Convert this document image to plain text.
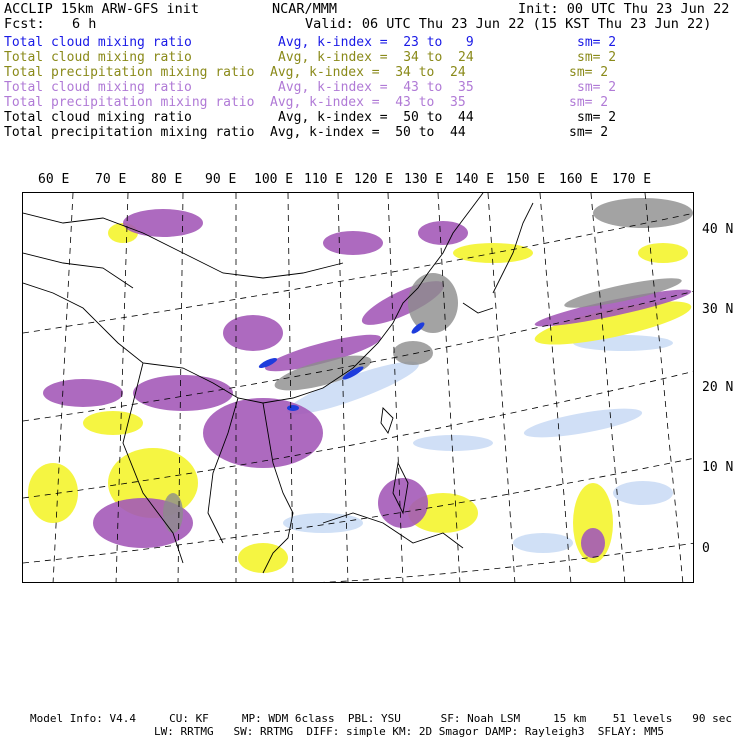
ACCLIP 15km ARW-GFS init	NCAR/MMM	Init: 00 UTC Thu 23 Jun 22
Fcst: 6 h	Valid: 06 UTC Thu 23 Jun 22 (15 KST Thu 23 Jun 22)
Total cloud mixing ratio	Avg, k-index =  23 to   9	sm= 2
Total cloud mixing ratio	Avg, k-index =  34 to  24	sm= 2
Total precipitation mixing ratio Avg, k-index =  34 to  24	sm= 2
Total cloud mixing ratio	Avg, k-index =  43 to  35	sm= 2
Total precipitation mixing ratio Avg, k-index =  43 to  35	sm= 2
Total cloud mixing ratio	Avg, k-index =  50 to  44	sm= 2
Total precipitation mixing ratio Avg, k-index =  50 to  44	sm= 2
60 E 70 E 80 E 90 E 100 E 110 E 120 E 130 E 140 E 150 E 160 E 170 E
40 N
30 N
20 N
10 N
0
Model Info: V4.4     CU: KF     MP: WDM 6class  PBL: YSU      SF: Noah LSM     15 km    51 levels   90 sec
LW: RRTMG   SW: RRTMG  DIFF: simple KM: 2D Smagor DAMP: Rayleigh3  SFLAY: MM5
